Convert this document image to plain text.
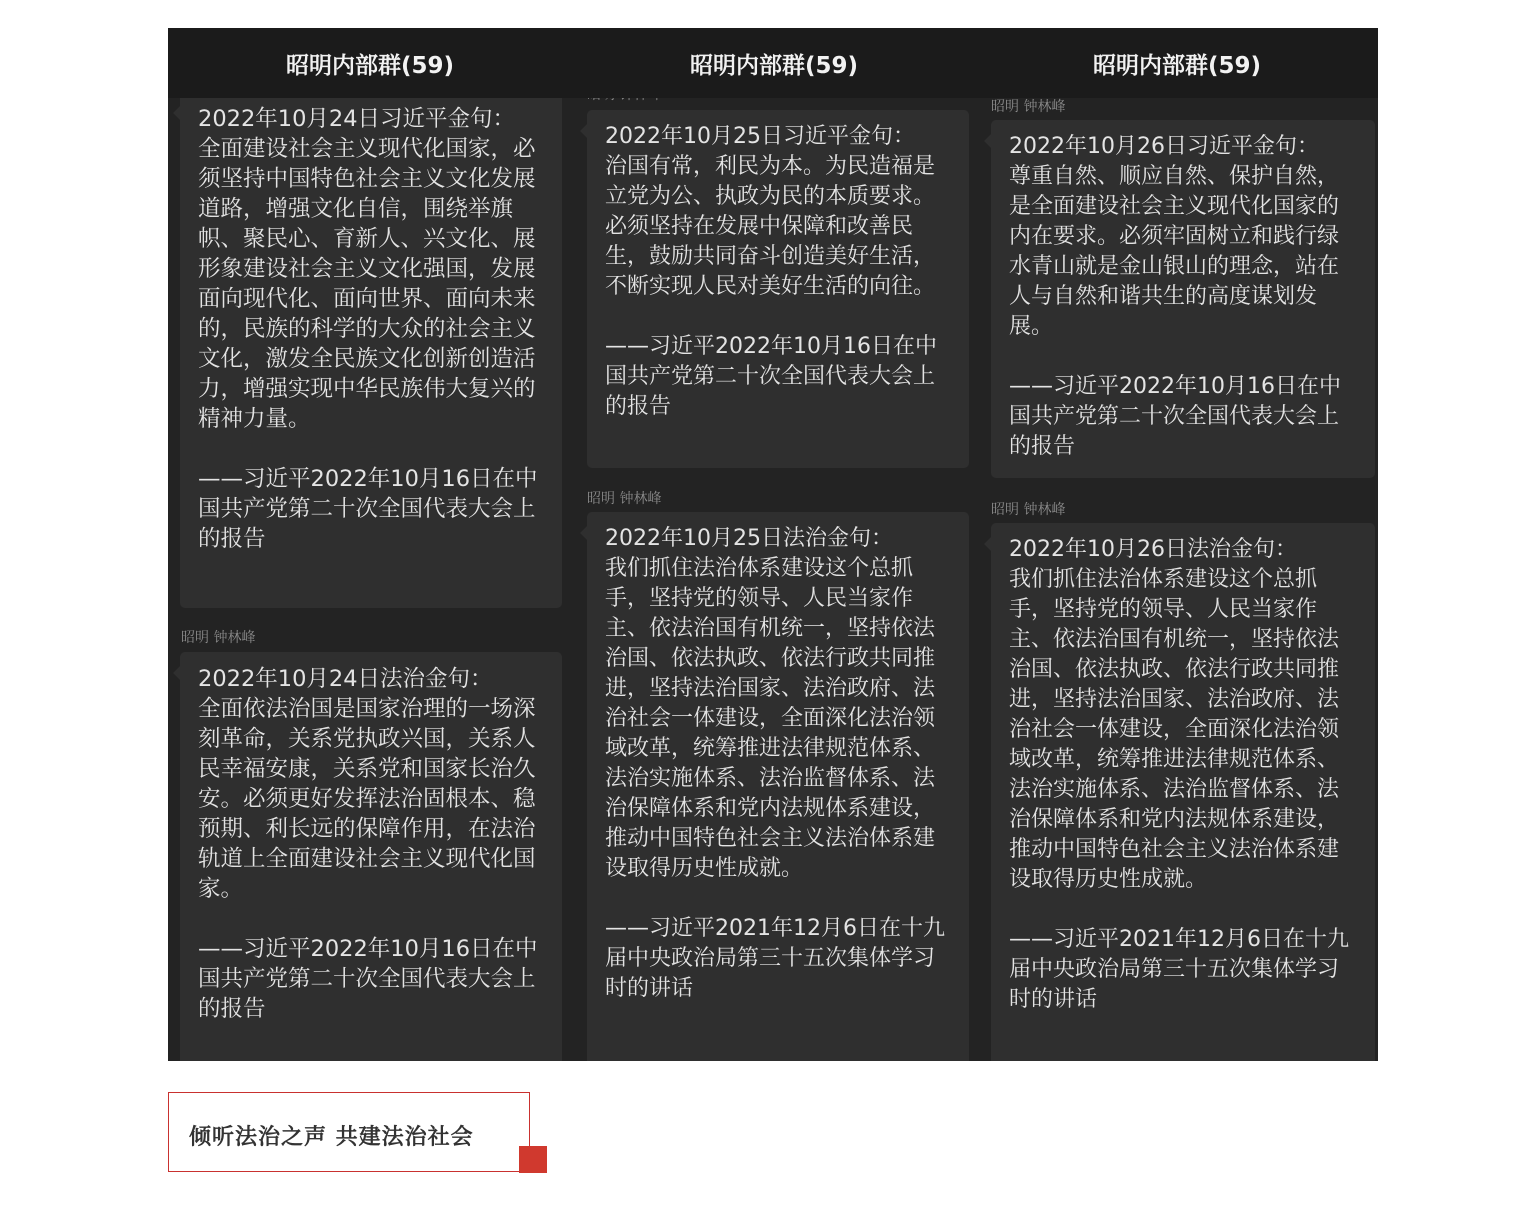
昭明内部群(59)

2022年10月24日习近平金句：

全面建设社会主义现代化国家，必须坚持中国特色社会主义文化发展道路，增强文化自信，围绕举旗帜、聚民心、育新人、兴文化、展形象建设社会主义文化强国，发展面向现代化、面向世界、面向未来的，民族的科学的大众的社会主义文化，激发全民族文化创新创造活力，增强实现中华民族伟大复兴的精神力量。

——习近平2022年10月16日在中国共产党第二十次全国代表大会上的报告

昭明 钟林峰

2022年10月24日法治金句：

全面依法治国是国家治理的一场深刻革命，关系党执政兴国，关系人民幸福安康，关系党和国家长治久安。必须更好发挥法治固根本、稳预期、利长远的保障作用，在法治轨道上全面建设社会主义现代化国家。

——习近平2022年10月16日在中国共产党第二十次全国代表大会上的报告

昭明内部群(59)

2022年10月25日习近平金句：

治国有常，利民为本。为民造福是立党为公、执政为民的本质要求。必须坚持在发展中保障和改善民生，鼓励共同奋斗创造美好生活，不断实现人民对美好生活的向往。

——习近平2022年10月16日在中国共产党第二十次全国代表大会上的报告

昭明 钟林峰

2022年10月25日法治金句：

我们抓住法治体系建设这个总抓手，坚持党的领导、人民当家作主、依法治国有机统一，坚持依法治国、依法执政、依法行政共同推进，坚持法治国家、法治政府、法治社会一体建设，全面深化法治领域改革，统筹推进法律规范体系、法治实施体系、法治监督体系、法治保障体系和党内法规体系建设，推动中国特色社会主义法治体系建设取得历史性成就。

——习近平2021年12月6日在十九届中央政治局第三十五次集体学习时的讲话

昭明内部群(59)
昭明 钟林峰

2022年10月26日习近平金句：

尊重自然、顺应自然、保护自然，是全面建设社会主义现代化国家的内在要求。必须牢固树立和践行绿水青山就是金山银山的理念，站在人与自然和谐共生的高度谋划发展。

——习近平2022年10月16日在中国共产党第二十次全国代表大会上的报告

昭明 钟林峰

2022年10月26日法治金句：

我们抓住法治体系建设这个总抓手，坚持党的领导、人民当家作主、依法治国有机统一，坚持依法治国、依法执政、依法行政共同推进，坚持法治国家、法治政府、法治社会一体建设，全面深化法治领域改革，统筹推进法律规范体系、法治实施体系、法治监督体系、法治保障体系和党内法规体系建设，推动中国特色社会主义法治体系建设取得历史性成就。

——习近平2021年12月6日在十九届中央政治局第三十五次集体学习时的讲话

倾听法治之声 共建法治社会
